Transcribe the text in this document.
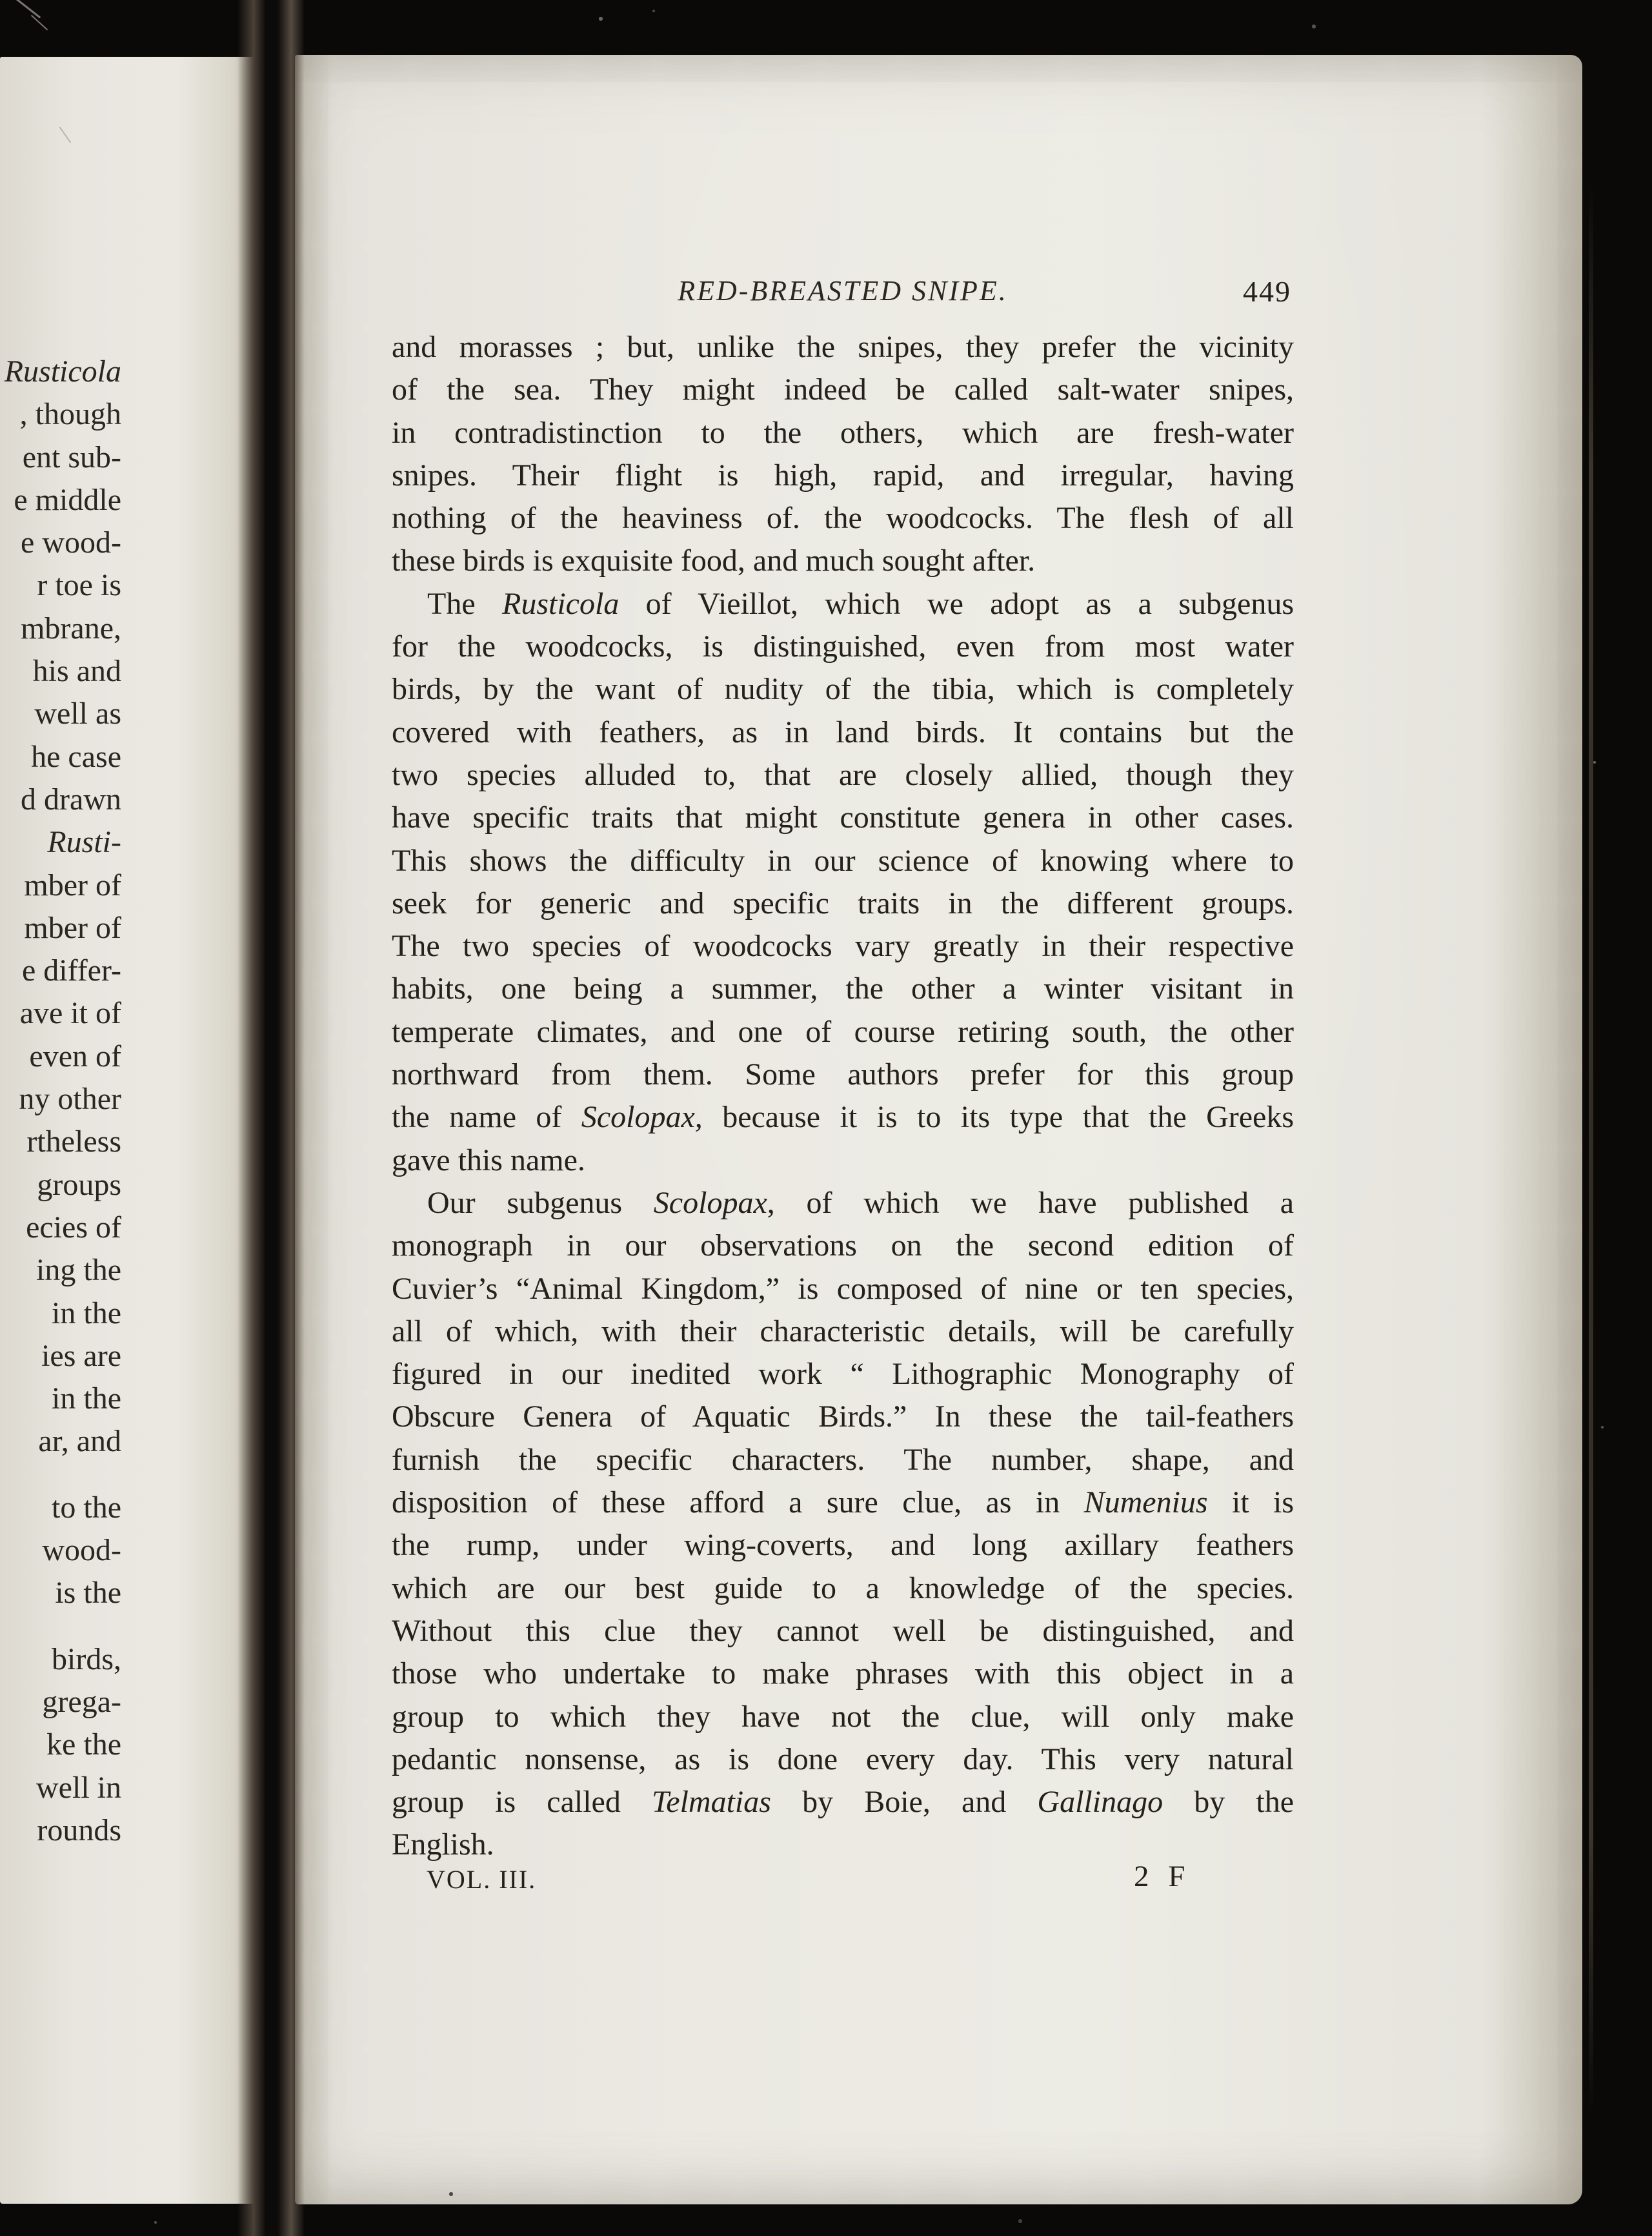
Rusticola
, though
ent sub-
e middle
e wood-
r toe is
mbrane,
his and
well as
he case
d drawn
Rusti-
mber of
mber of
e differ-
ave it of
even of
ny other
rtheless
groups
ecies of
ing the
in the
ies are
in the
ar, and
to the
wood-
is the
birds,
grega-
ke the
well in
rounds
RED-BREASTED SNIPE.	449
and morasses ; but, unlike the snipes, they prefer the vicinity
of the sea. They might indeed be called salt-water snipes,
in contradistinction to the others, which are fresh-water
snipes. Their flight is high, rapid, and irregular, having
nothing of the heaviness of. the woodcocks. The flesh of all
these birds is exquisite food, and much sought after.
The Rusticola of Vieillot, which we adopt as a subgenus
for the woodcocks, is distinguished, even from most water
birds, by the want of nudity of the tibia, which is completely
covered with feathers, as in land birds. It contains but the
two species alluded to, that are closely allied, though they
have specific traits that might constitute genera in other cases.
This shows the difficulty in our science of knowing where to
seek for generic and specific traits in the different groups.
The two species of woodcocks vary greatly in their respective
habits, one being a summer, the other a winter visitant in
temperate climates, and one of course retiring south, the other
northward from them. Some authors prefer for this group
the name of Scolopax, because it is to its type that the Greeks
gave this name.
Our subgenus Scolopax, of which we have published a
monograph in our observations on the second edition of
Cuvier’s “Animal Kingdom,” is composed of nine or ten species,
all of which, with their characteristic details, will be carefully
figured in our inedited work “ Lithographic Monography of
Obscure Genera of Aquatic Birds.” In these the tail-feathers
furnish the specific characters. The number, shape, and
disposition of these afford a sure clue, as in Numenius it is
the rump, under wing-coverts, and long axillary feathers
which are our best guide to a knowledge of the species.
Without this clue they cannot well be distinguished, and
those who undertake to make phrases with this object in a
group to which they have not the clue, will only make
pedantic nonsense, as is done every day. This very natural
group is called Telmatias by Boie, and Gallinago by the
English.
VOL. III.	2 F
